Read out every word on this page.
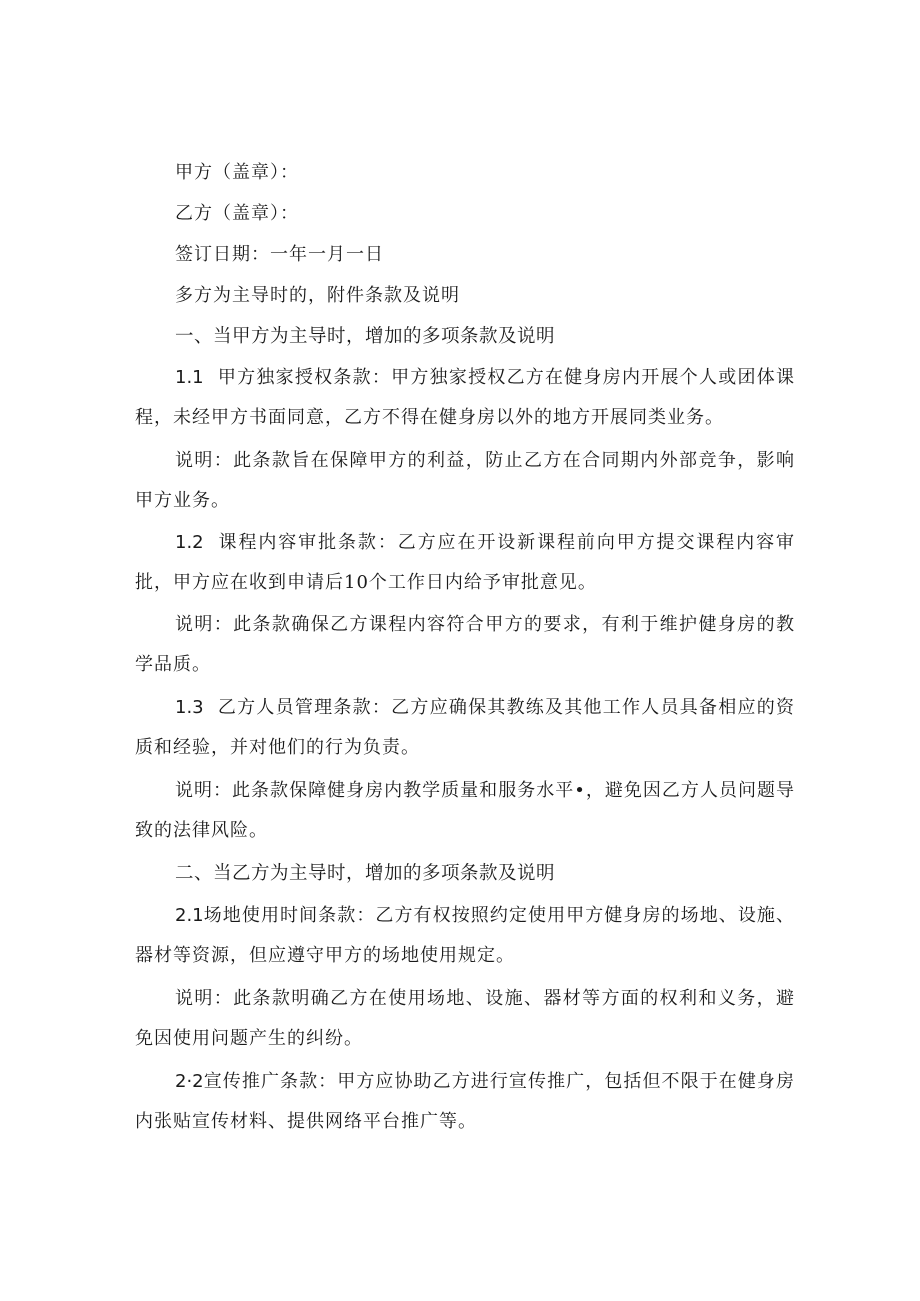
甲方（盖章）：
乙方（盖章）：
签订日期：一年一月一日
多方为主导时的，附件条款及说明
一、当甲方为主导时，增加的多项条款及说明
1.1 甲方独家授权条款：甲方独家授权乙方在健身房内开展个人或团体课程，未经甲方书面同意，乙方不得在健身房以外的地方开展同类业务。
说明：此条款旨在保障甲方的利益，防止乙方在合同期内外部竞争，影响甲方业务。
1.2 课程内容审批条款：乙方应在开设新课程前向甲方提交课程内容审批，甲方应在收到申请后10个工作日内给予审批意见。
说明：此条款确保乙方课程内容符合甲方的要求，有利于维护健身房的教学品质。
1.3 乙方人员管理条款：乙方应确保其教练及其他工作人员具备相应的资质和经验，并对他们的行为负责。
说明：此条款保障健身房内教学质量和服务水平•，避免因乙方人员问题导致的法律风险。
二、当乙方为主导时，增加的多项条款及说明
2.1场地使用时间条款：乙方有权按照约定使用甲方健身房的场地、设施、器材等资源，但应遵守甲方的场地使用规定。
说明：此条款明确乙方在使用场地、设施、器材等方面的权利和义务，避免因使用问题产生的纠纷。
2·2宣传推广条款：甲方应协助乙方进行宣传推广，包括但不限于在健身房内张贴宣传材料、提供网络平台推广等。
